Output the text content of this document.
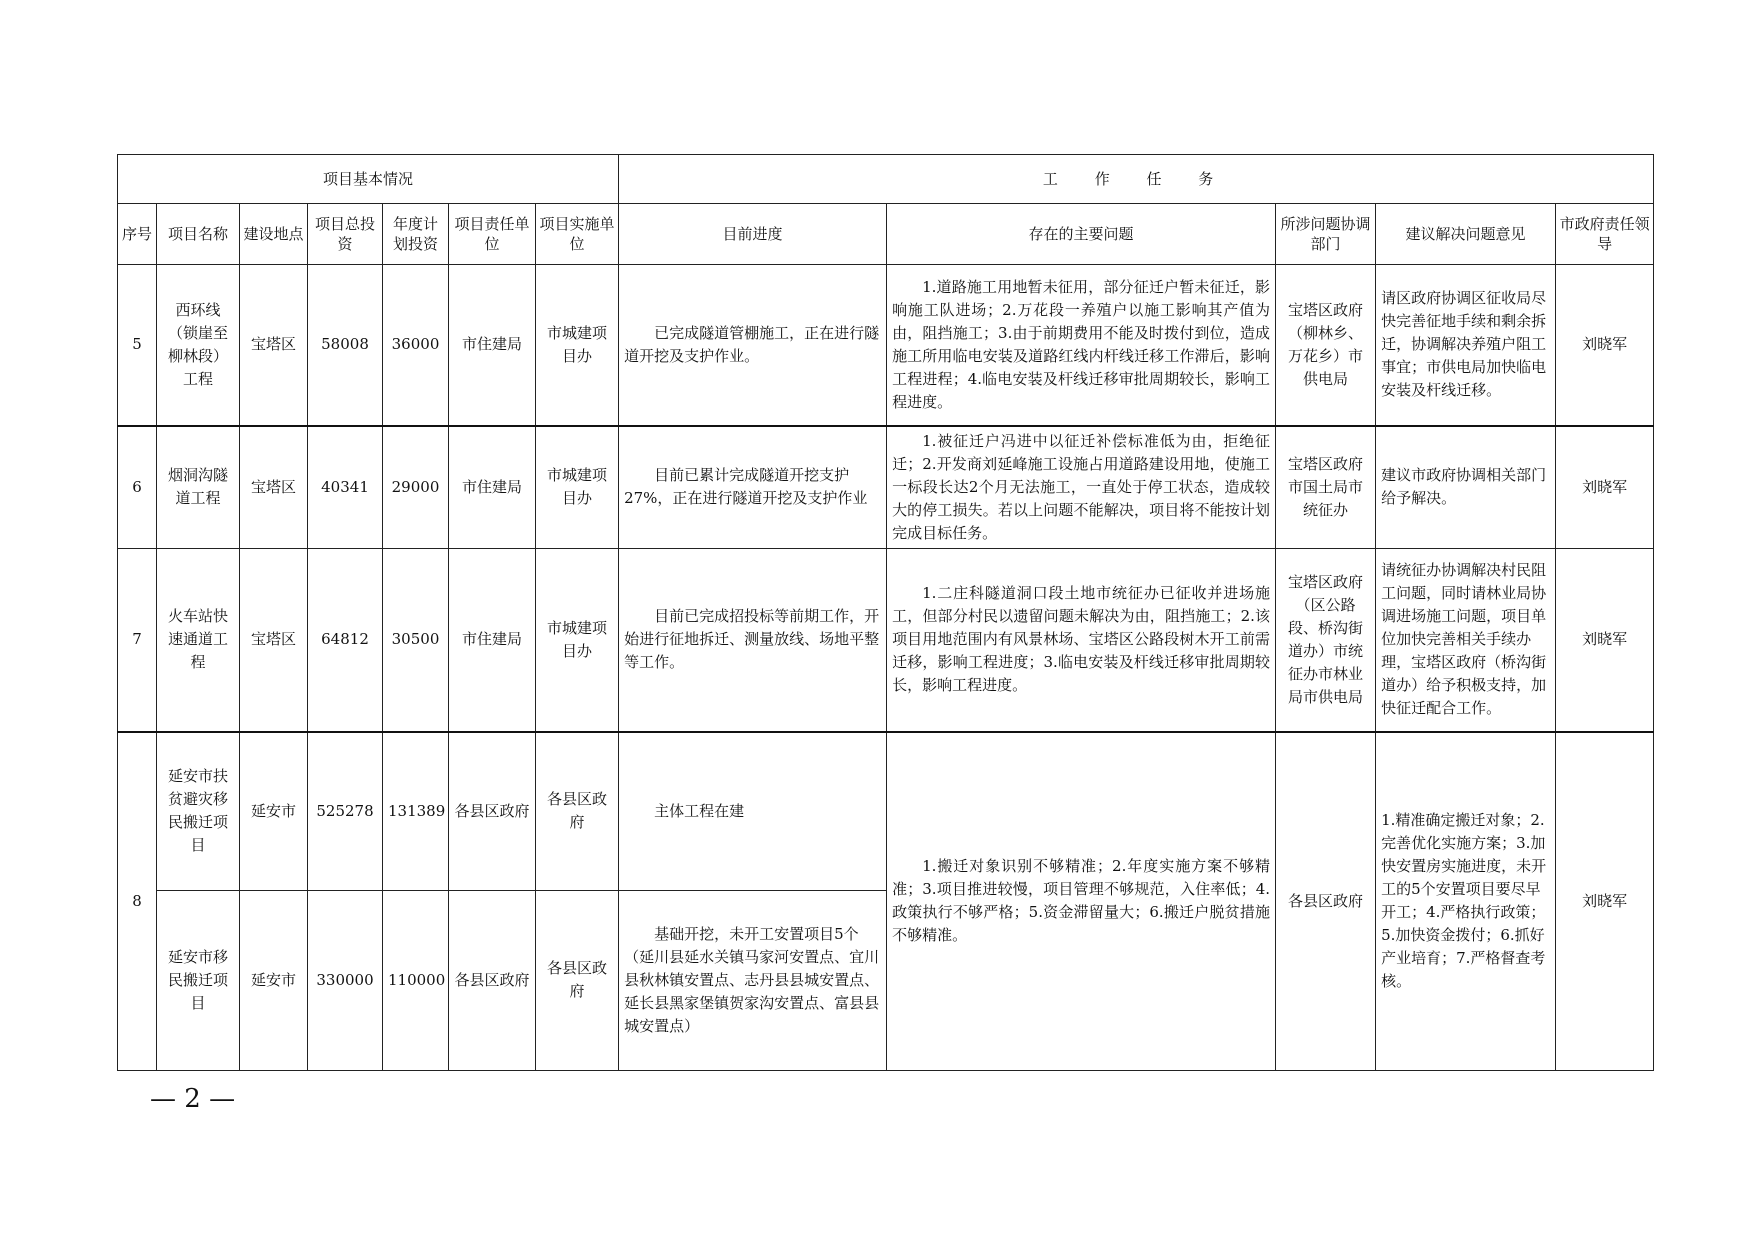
项目基本情况							工 作 任 务				
序号	项目名称	建设地点	项目总投资	年度计划投资	项目责任单位	项目实施单位	目前进度	存在的主要问题	所涉问题协调部门	建议解决问题意见	市政府责任领导
5	西环线（锁崖至柳林段）工程	宝塔区	58008	36000	市住建局	市城建项目办	已完成隧道管棚施工，正在进行隧道开挖及支护作业。	1.道路施工用地暂未征用，部分征迁户暂未征迁，影响施工队进场；2.万花段一养殖户以施工影响其产值为由，阻挡施工；3.由于前期费用不能及时拨付到位，造成施工所用临电安装及道路红线内杆线迁移工作滞后，影响工程进程；4.临电安装及杆线迁移审批周期较长，影响工程进度。	宝塔区政府（柳林乡、万花乡）市供电局	请区政府协调区征收局尽快完善征地手续和剩余拆迁，协调解决养殖户阻工事宜；市供电局加快临电安装及杆线迁移。	刘晓军
6	烟洞沟隧道工程	宝塔区	40341	29000	市住建局	市城建项目办	目前已累计完成隧道开挖支护27%，正在进行隧道开挖及支护作业	1.被征迁户冯进中以征迁补偿标准低为由，拒绝征迁；2.开发商刘延峰施工设施占用道路建设用地，使施工一标段长达2个月无法施工，一直处于停工状态，造成较大的停工损失。若以上问题不能解决，项目将不能按计划完成目标任务。	宝塔区政府市国土局市统征办	建议市政府协调相关部门给予解决。	刘晓军
7	火车站快速通道工程	宝塔区	64812	30500	市住建局	市城建项目办	目前已完成招投标等前期工作，开始进行征地拆迁、测量放线、场地平整等工作。	1.二庄科隧道洞口段土地市统征办已征收并进场施工，但部分村民以遗留问题未解决为由，阻挡施工；2.该项目用地范围内有风景林场、宝塔区公路段树木开工前需迁移，影响工程进度；3.临电安装及杆线迁移审批周期较长，影响工程进度。	宝塔区政府（区公路段、桥沟街道办）市统征办市林业局市供电局	请统征办协调解决村民阻工问题，同时请林业局协调进场施工问题，项目单位加快完善相关手续办理，宝塔区政府（桥沟街道办）给予积极支持，加快征迁配合工作。	刘晓军
8	延安市扶贫避灾移民搬迁项目	延安市	525278	131389	各县区政府	各县区政府	主体工程在建	1.搬迁对象识别不够精准；2.年度实施方案不够精准；3.项目推进较慢，项目管理不够规范，入住率低；4.政策执行不够严格；5.资金滞留量大；6.搬迁户脱贫措施不够精准。	各县区政府	1.精准确定搬迁对象；2.完善优化实施方案；3.加快安置房实施进度，未开工的5个安置项目要尽早开工；4.严格执行政策；5.加快资金拨付；6.抓好产业培育；7.严格督查考核。	刘晓军
	延安市移民搬迁项目	延安市	330000	110000	各县区政府	各县区政府	基础开挖，未开工安置项目5个（延川县延水关镇马家河安置点、宜川县秋林镇安置点、志丹县县城安置点、延长县黑家堡镇贺家沟安置点、富县县城安置点）				
— 2 —
